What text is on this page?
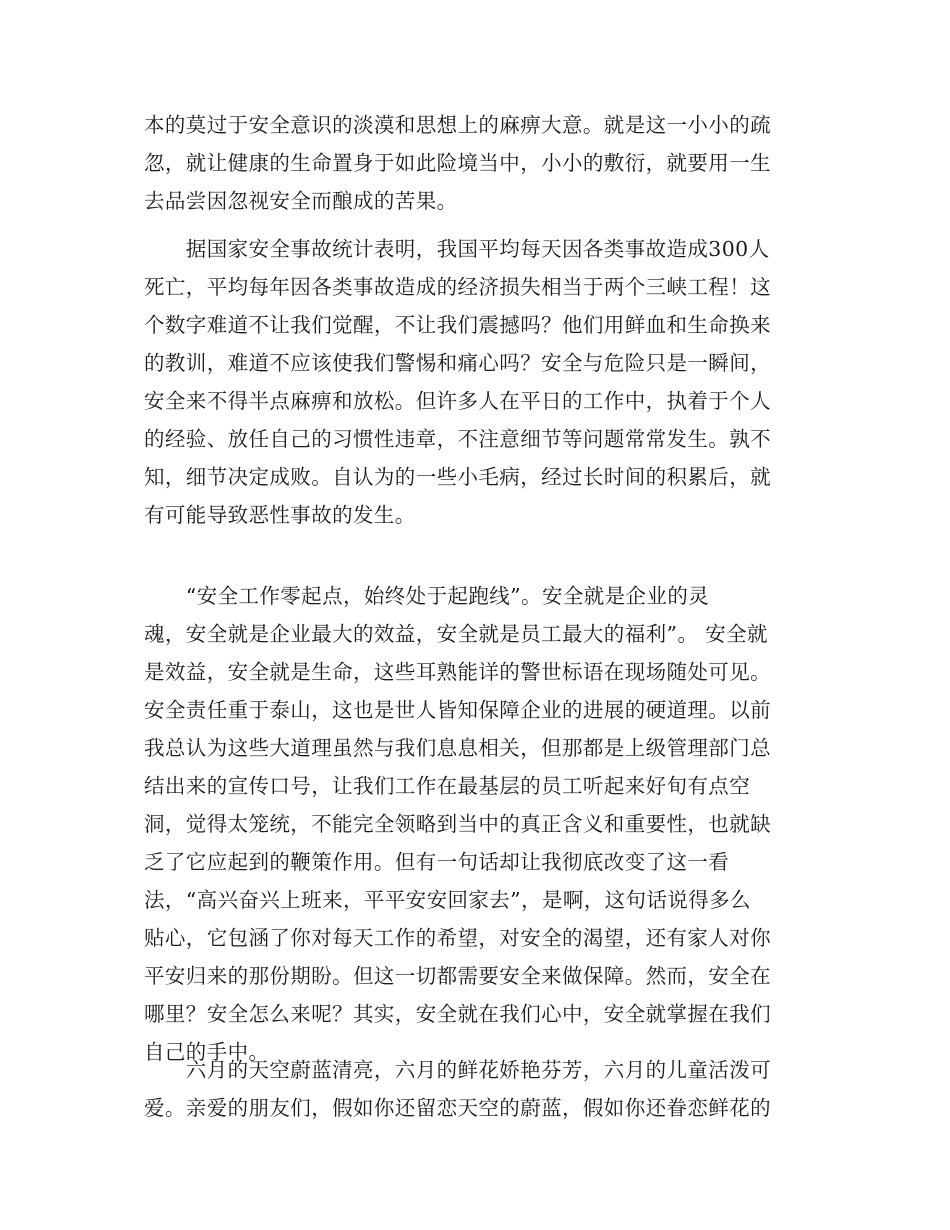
本的莫过于安全意识的淡漠和思想上的麻痹大意。就是这一小小的疏
忽，就让健康的生命置身于如此险境当中，小小的敷衍，就要用一生
去品尝因忽视安全而酿成的苦果。

　　据国家安全事故统计表明，我国平均每天因各类事故造成300人
死亡，平均每年因各类事故造成的经济损失相当于两个三峡工程！这
个数字难道不让我们觉醒，不让我们震撼吗？他们用鲜血和生命换来
的教训，难道不应该使我们警惕和痛心吗？安全与危险只是一瞬间，
安全来不得半点麻痹和放松。但许多人在平日的工作中，执着于个人
的经验、放任自己的习惯性违章，不注意细节等问题常常发生。孰不
知，细节决定成败。自认为的一些小毛病，经过长时间的积累后，就
有可能导致恶性事故的发生。

　　“安全工作零起点，始终处于起跑线”。安全就是企业的灵
魂，安全就是企业最大的效益，安全就是员工最大的福利”。 安全就
是效益，安全就是生命，这些耳熟能详的警世标语在现场随处可见。
安全责任重于泰山，这也是世人皆知保障企业的进展的硬道理。以前
我总认为这些大道理虽然与我们息息相关，但那都是上级管理部门总
结出来的宣传口号，让我们工作在最基层的员工听起来好旬有点空
洞，觉得太笼统，不能完全领略到当中的真正含义和重要性，也就缺
乏了它应起到的鞭策作用。但有一句话却让我彻底改变了这一看
法，“高兴奋兴上班来，平平安安回家去”，是啊，这句话说得多么
贴心，它包涵了你对每天工作的希望，对安全的渴望，还有家人对你
平安归来的那份期盼。但这一切都需要安全来做保障。然而，安全在
哪里？安全怎么来呢？其实，安全就在我们心中，安全就掌握在我们
自己的手中。

　　六月的天空蔚蓝清亮，六月的鲜花娇艳芬芳，六月的儿童活泼可
爱。亲爱的朋友们，假如你还留恋天空的蔚蓝，假如你还眷恋鲜花的
